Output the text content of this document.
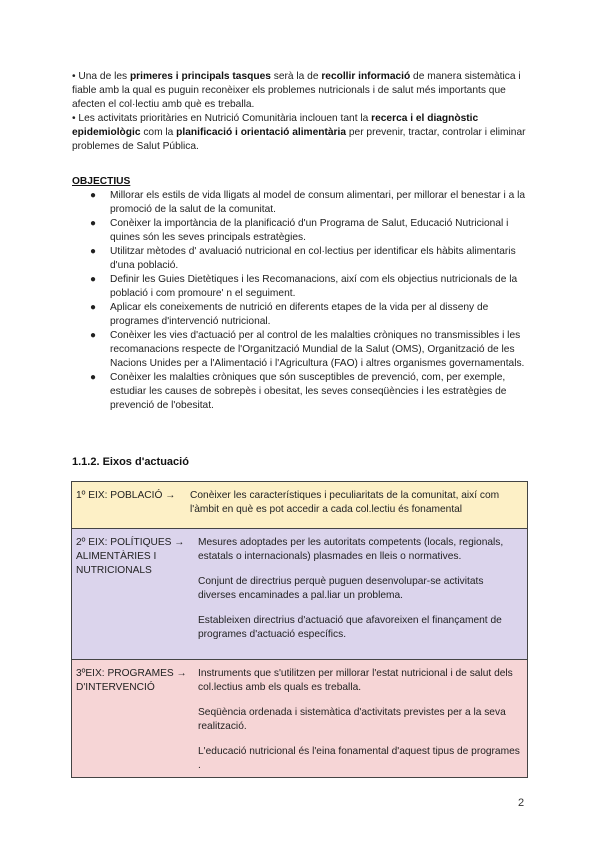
• Una de les primeres i principals tasques serà la de recollir informació de manera sistemàtica i fiable amb la qual es puguin reconèixer els problemes nutricionals i de salut més importants que afecten el col·lectiu amb què es treballa.

• Les activitats prioritàries en Nutrició Comunitària inclouen tant la recerca i el diagnòstic epidemiològic com la planificació i orientació alimentària per prevenir, tractar, controlar i eliminar problemes de Salut Pública.

OBJECTIUS
● Millorar els estils de vida lligats al model de consum alimentari, per millorar el benestar i a la promoció de la salut de la comunitat.
● Conèixer la importància de la planificació d'un Programa de Salut, Educació Nutricional i quines són les seves principals estratègies.
● Utilitzar mètodes d' avaluació nutricional en col·lectius per identificar els hàbits alimentaris d'una població.
● Definir les Guies Dietètiques i les Recomanacions, així com els objectius nutricionals de la població i com promoure' n el seguiment.
● Aplicar els coneixements de nutrició en diferents etapes de la vida per al disseny de programes d'intervenció nutricional.
● Conèixer les vies d'actuació per al control de les malalties cròniques no transmissibles i les recomanacions respecte de l'Organització Mundial de la Salut (OMS), Organització de les Nacions Unides per a l'Alimentació i l'Agricultura (FAO) i altres organismes governamentals.
● Conèixer les malalties cròniques que són susceptibles de prevenció, com, per exemple, estudiar les causes de sobrepès i obesitat, les seves conseqüències i les estratègies de prevenció de l'obesitat.
1.1.2. Eixos d'actuació
1º EIX: POBLACIÓ →	Conèixer les característiques i peculiaritats de la comunitat, així com l'àmbit en què es pot accedir a cada col.lectiu és fonamental

2º EIX: POLÍTIQUES → ALIMENTÀRIES I NUTRICIONALS

Mesures adoptades per les autoritats competents (locals, regionals, estatals o internacionals) plasmades en lleis o normatives.

Conjunt de directrius perquè puguen desenvolupar-se activitats diverses encaminades a pal.liar un problema.

Estableixen directrius d'actuació que afavoreixen el finançament de programes d'actuació específics.

3ºEIX: PROGRAMES → D'INTERVENCIÓ

Instruments que s'utilitzen per millorar l'estat nutricional i de salut dels col.lectius amb els quals es treballa.

Seqüència ordenada i sistemàtica d'activitats previstes per a la seva realització.

L'educació nutricional és l'eina fonamental d'aquest tipus de programes .

2
